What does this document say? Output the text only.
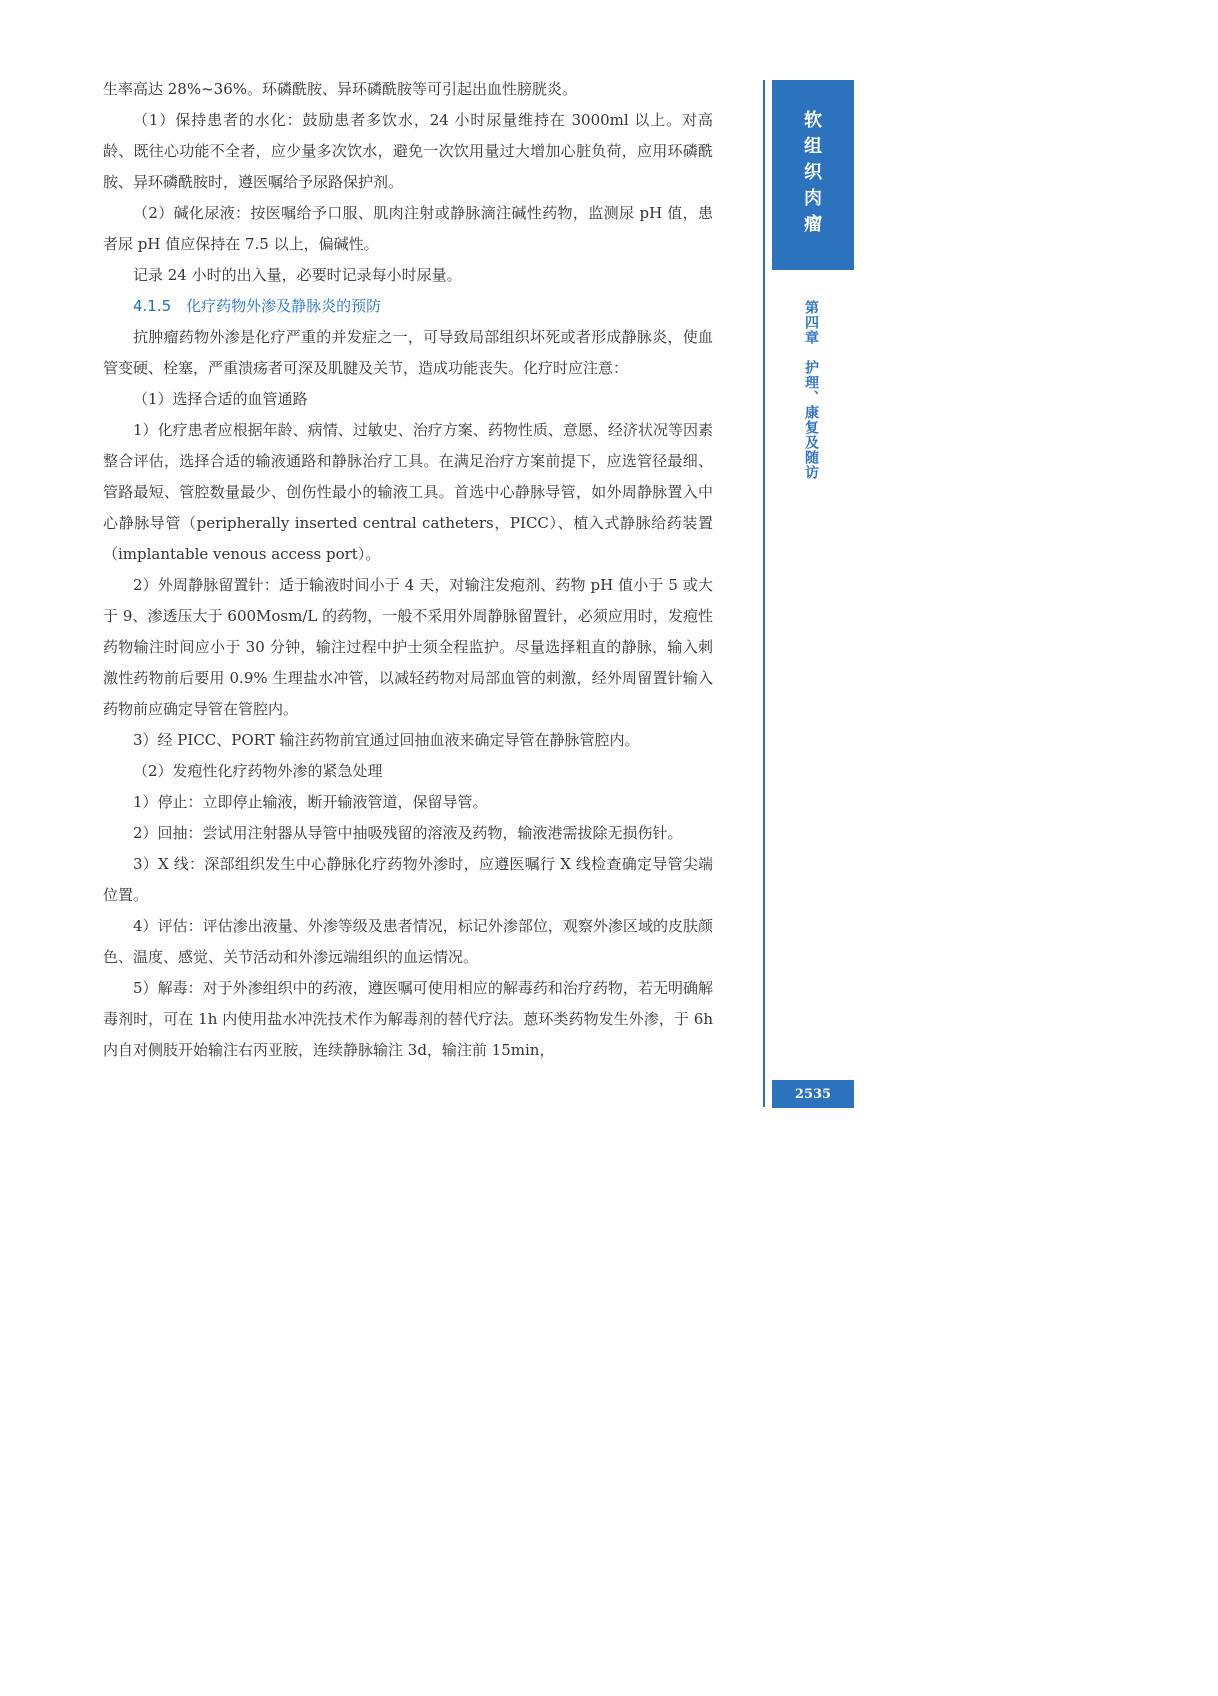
生率高达 28%~36%。环磷酰胺、异环磷酰胺等可引起出血性膀胱炎。

（1）保持患者的水化：鼓励患者多饮水，24 小时尿量维持在 3000ml 以上。对高龄、既往心功能不全者，应少量多次饮水，避免一次饮用量过大增加心脏负荷，应用环磷酰胺、异环磷酰胺时，遵医嘱给予尿路保护剂。

（2）碱化尿液：按医嘱给予口服、肌肉注射或静脉滴注碱性药物，监测尿 pH 值，患者尿 pH 值应保持在 7.5 以上，偏碱性。

记录 24 小时的出入量，必要时记录每小时尿量。

4.1.5　化疗药物外渗及静脉炎的预防

抗肿瘤药物外渗是化疗严重的并发症之一，可导致局部组织坏死或者形成静脉炎，使血管变硬、栓塞，严重溃疡者可深及肌腱及关节，造成功能丧失。化疗时应注意：

（1）选择合适的血管通路

1）化疗患者应根据年龄、病情、过敏史、治疗方案、药物性质、意愿、经济状况等因素整合评估，选择合适的输液通路和静脉治疗工具。在满足治疗方案前提下，应选管径最细、管路最短、管腔数量最少、创伤性最小的输液工具。首选中心静脉导管，如外周静脉置入中心静脉导管（peripherally inserted central catheters，PICC）、植入式静脉给药装置（implantable venous access port）。

2）外周静脉留置针：适于输液时间小于 4 天，对输注发疱剂、药物 pH 值小于 5 或大于 9、渗透压大于 600Mosm/L 的药物，一般不采用外周静脉留置针，必须应用时，发疱性药物输注时间应小于 30 分钟，输注过程中护士须全程监护。尽量选择粗直的静脉，输入刺激性药物前后要用 0.9% 生理盐水冲管，以减轻药物对局部血管的刺激，经外周留置针输入药物前应确定导管在管腔内。

3）经 PICC、PORT 输注药物前宜通过回抽血液来确定导管在静脉管腔内。

（2）发疱性化疗药物外渗的紧急处理

1）停止：立即停止输液，断开输液管道，保留导管。

2）回抽：尝试用注射器从导管中抽吸残留的溶液及药物，输液港需拔除无损伤针。

3）X 线：深部组织发生中心静脉化疗药物外渗时，应遵医嘱行 X 线检查确定导管尖端位置。

4）评估：评估渗出液量、外渗等级及患者情况，标记外渗部位，观察外渗区域的皮肤颜色、温度、感觉、关节活动和外渗远端组织的血运情况。

5）解毒：对于外渗组织中的药液，遵医嘱可使用相应的解毒药和治疗药物，若无明确解毒剂时，可在 1h 内使用盐水冲洗技术作为解毒剂的替代疗法。蒽环类药物发生外渗，于 6h 内自对侧肢开始输注右丙亚胺，连续静脉输注 3d，输注前 15min，

软
组
织
肉
瘤
第四章　护理、康复及随访
2535
